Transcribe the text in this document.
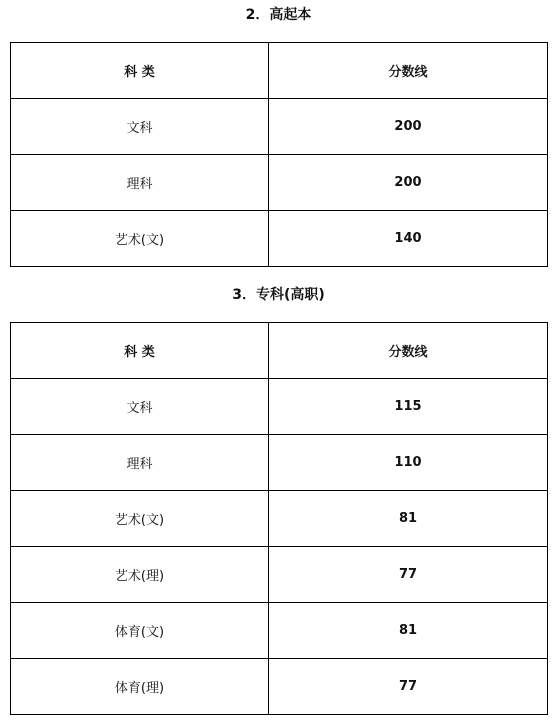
2．高起本
科 类	分数线
文科	200
理科	200
艺术(文)	140
3．专科(高职)
科 类	分数线
文科	115
理科	110
艺术(文)	81
艺术(理)	77
体育(文)	81
体育(理)	77
